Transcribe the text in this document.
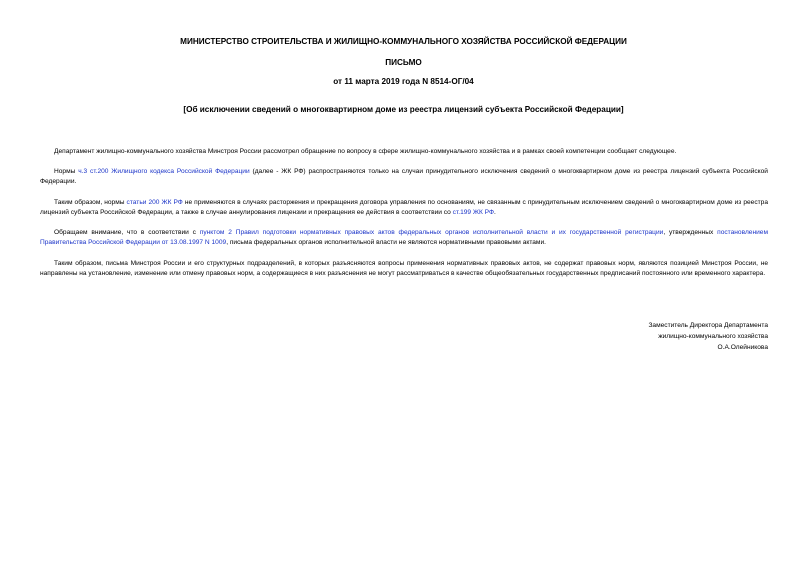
МИНИСТЕРСТВО СТРОИТЕЛЬСТВА И ЖИЛИЩНО-КОММУНАЛЬНОГО ХОЗЯЙСТВА РОССИЙСКОЙ ФЕДЕРАЦИИ
ПИСЬМО
от 11 марта 2019 года N 8514-ОГ/04
[Об исключении сведений о многоквартирном доме из реестра лицензий субъекта Российской Федерации]

Департамент жилищно-коммунального хозяйства Минстроя России рассмотрел обращение по вопросу в сфере жилищно-коммунального хозяйства и в рамках своей компетенции сообщает следующее.

Нормы ч.3 ст.200 Жилищного кодекса Российской Федерации (далее - ЖК РФ) распространяются только на случаи принудительного исключения сведений о многоквартирном доме из реестра лицензий субъекта Российской Федерации.

Таким образом, нормы статьи 200 ЖК РФ не применяются в случаях расторжения и прекращения договора управления по основаниям, не связанным с принудительным исключением сведений о многоквартирном доме из реестра лицензий субъекта Российской Федерации, а также в случае аннулирования лицензии и прекращения ее действия в соответствии со ст.199 ЖК РФ.

Обращаем внимание, что в соответствии с пунктом 2 Правил подготовки нормативных правовых актов федеральных органов исполнительной власти и их государственной регистрации, утвержденных постановлением Правительства Российской Федерации от 13.08.1997 N 1009, письма федеральных органов исполнительной власти не являются нормативными правовыми актами.

Таким образом, письма Минстроя России и его структурных подразделений, в которых разъясняются вопросы применения нормативных правовых актов, не содержат правовых норм, являются позицией Минстроя России, не направлены на установление, изменение или отмену правовых норм, а содержащиеся в них разъяснения не могут рассматриваться в качестве общеобязательных государственных предписаний постоянного или временного характера.

Заместитель Директора Департамента
жилищно-коммунального хозяйства
О.А.Олейникова
